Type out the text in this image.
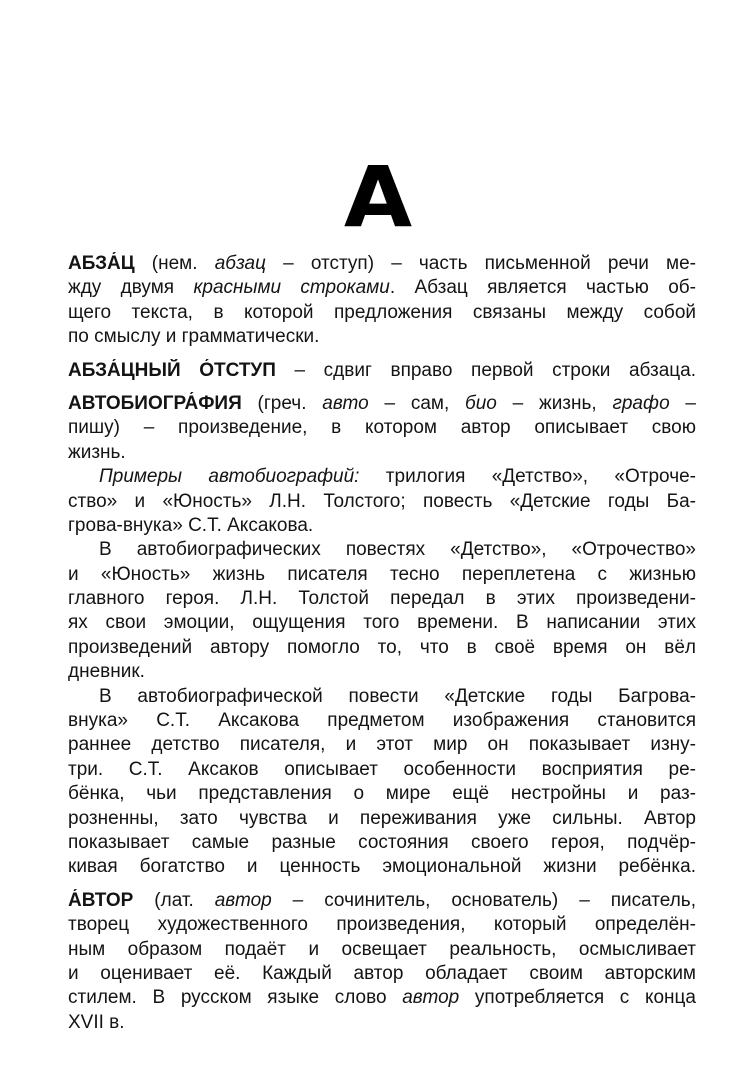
А
АБЗА́Ц (нем. абзац – отступ) – часть письменной речи ме-
жду двумя красными строками. Абзац является частью об-
щего текста, в которой предложения связаны между собой
по смыслу и грамматически.
АБЗА́ЦНЫЙ О́ТСТУП – сдвиг вправо первой строки абзаца.
АВТОБИОГРА́ФИЯ (греч. авто – сам, био – жизнь, графо –
пишу) – произведение, в котором автор описывает свою
жизнь.
Примеры автобиографий: трилогия «Детство», «Отроче-
ство» и «Юность» Л.Н. Толстого; повесть «Детские годы Ба-
грова-внука» С.Т. Аксакова.
В автобиографических повестях «Детство», «Отрочество»
и «Юность» жизнь писателя тесно переплетена с жизнью
главного героя. Л.Н. Толстой передал в этих произведени-
ях свои эмоции, ощущения того времени. В написании этих
произведений автору помогло то, что в своё время он вёл
дневник.
В автобиографической повести «Детские годы Багрова-
внука» С.Т. Аксакова предметом изображения становится
раннее детство писателя, и этот мир он показывает изну-
три. С.Т. Аксаков описывает особенности восприятия ре-
бёнка, чьи представления о мире ещё нестройны и раз-
розненны, зато чувства и переживания уже сильны. Автор
показывает самые разные состояния своего героя, подчёр-
кивая богатство и ценность эмоциональной жизни ребёнка.
А́ВТОР (лат. автор – сочинитель, основатель) – писатель,
творец художественного произведения, который определён-
ным образом подаёт и освещает реальность, осмысливает
и оценивает её. Каждый автор обладает своим авторским
стилем. В русском языке слово автор употребляется с конца
XVII в.
